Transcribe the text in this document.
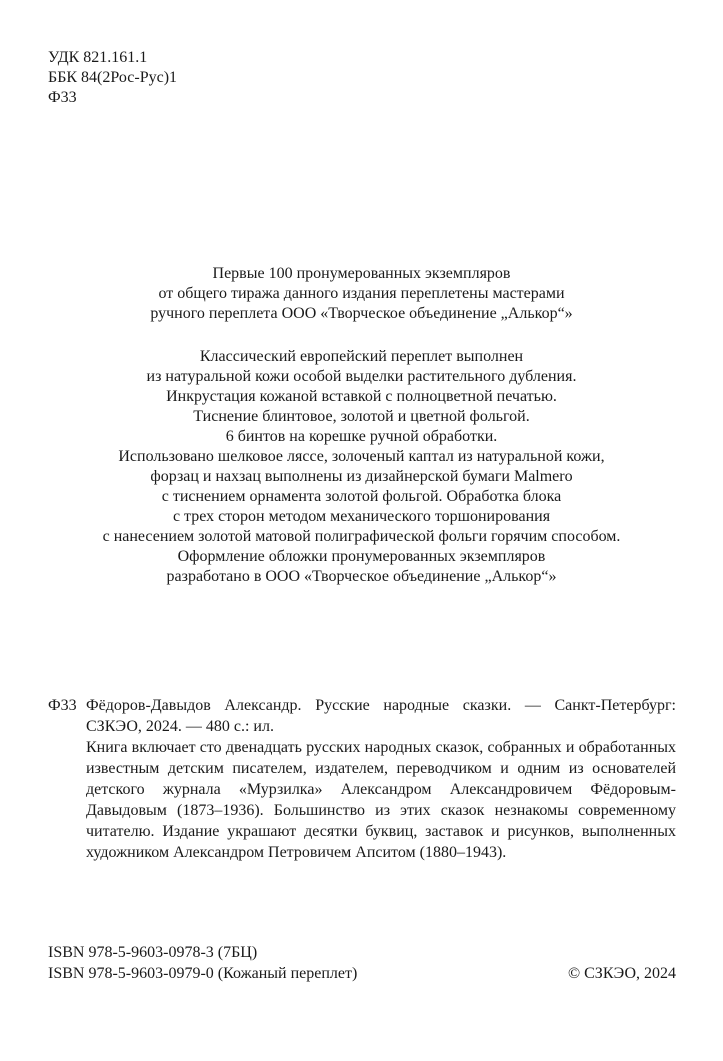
УДК 821.161.1
ББК 84(2Рос-Рус)1
Ф33
Первые 100 пронумерованных экземпляров
от общего тиража данного издания переплетены мастерами
ручного переплета ООО «Творческое объединение „Алькор“»
Классический европейский переплет выполнен
из натуральной кожи особой выделки растительного дубления.
Инкрустация кожаной вставкой с полноцветной печатью.
Тиснение блинтовое, золотой и цветной фольгой.
6 бинтов на корешке ручной обработки.
Использовано шелковое ляссе, золоченый каптал из натуральной кожи,
форзац и нахзац выполнены из дизайнерской бумаги Malmero
с тиснением орнамента золотой фольгой. Обработка блока
с трех сторон методом механического торшонирования
с нанесением золотой матовой полиграфической фольги горячим способом.
Оформление обложки пронумерованных экземпляров
разработано в ООО «Творческое объединение „Алькор“»
Ф33 Фёдоров-Давыдов Александр. Русские народные сказки. — Санкт-Петербург: СЗКЭО, 2024. — 480 с.: ил.
Книга включает сто двенадцать русских народных сказок, собранных и обработанных известным детским писателем, издателем, переводчиком и одним из основателей детского журнала «Мурзилка» Александром Александровичем Фёдоровым-Давыдовым (1873–1936). Большинство из этих сказок незнакомы современному читателю. Издание украшают десятки буквиц, заставок и рисунков, выполненных художником Александром Петровичем Апситом (1880–1943).
ISBN 978-5-9603-0978-3 (7БЦ)
ISBN 978-5-9603-0979-0 (Кожаный переплет)	© СЗКЭО, 2024
